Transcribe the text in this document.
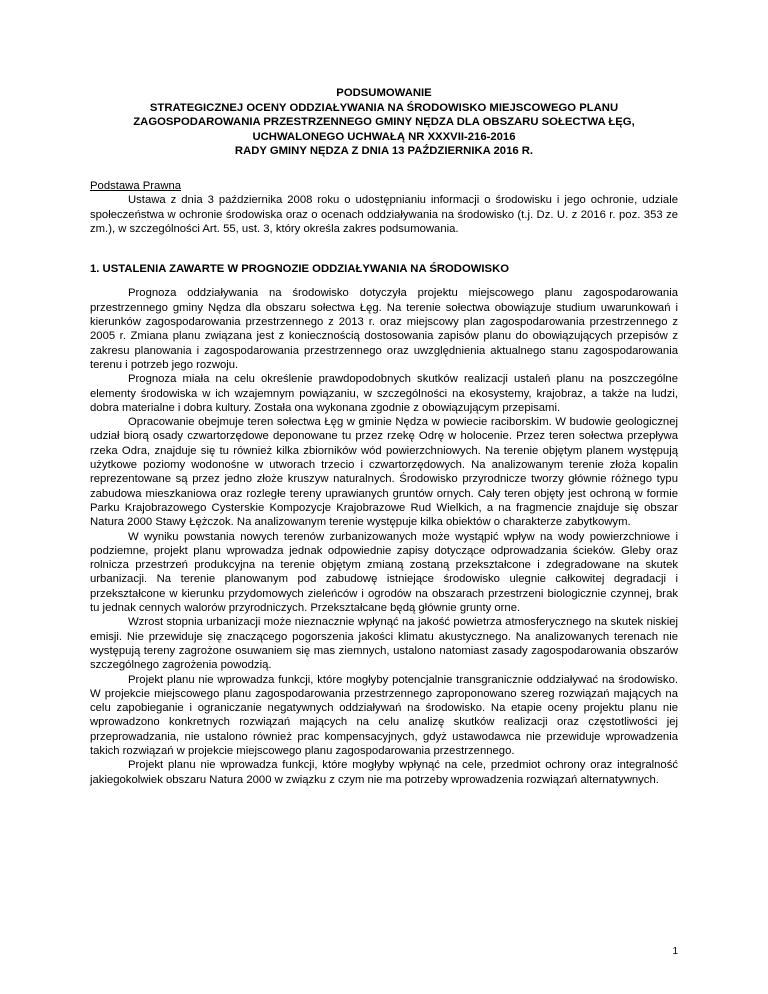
PODSUMOWANIE
STRATEGICZNEJ OCENY ODDZIAŁYWANIA NA ŚRODOWISKO MIEJSCOWEGO PLANU
ZAGOSPODAROWANIA PRZESTRZENNEGO GMINY NĘDZA DLA OBSZARU SOŁECTWA ŁĘG,
UCHWALONEGO UCHWAŁĄ NR XXXVII-216-2016
RADY GMINY NĘDZA Z DNIA 13 PAŹDZIERNIKA 2016 R.

Podstawa Prawna

Ustawa z dnia 3 października 2008 roku o udostępnianiu informacji o środowisku i jego ochronie, udziale społeczeństwa w ochronie środowiska oraz o ocenach oddziaływania na środowisko (t.j. Dz. U. z 2016 r. poz. 353 ze zm.), w szczególności Art. 55, ust. 3, który określa zakres podsumowania.

1. USTALENIA ZAWARTE W PROGNOZIE ODDZIAŁYWANIA NA ŚRODOWISKO

Prognoza oddziaływania na środowisko dotyczyła projektu miejscowego planu zagospodarowania przestrzennego gminy Nędza dla obszaru sołectwa Łęg. Na terenie sołectwa obowiązuje studium uwarunkowań i kierunków zagospodarowania przestrzennego z 2013 r. oraz miejscowy plan zagospodarowania przestrzennego z 2005 r. Zmiana planu związana jest z koniecznością dostosowania zapisów planu do obowiązujących przepisów z zakresu planowania i zagospodarowania przestrzennego oraz uwzględnienia aktualnego stanu zagospodarowania terenu i potrzeb jego rozwoju.

Prognoza miała na celu określenie prawdopodobnych skutków realizacji ustaleń planu na poszczególne elementy środowiska w ich wzajemnym powiązaniu, w szczególności na ekosystemy, krajobraz, a także na ludzi, dobra materialne i dobra kultury. Została ona wykonana zgodnie z obowiązującym przepisami.

Opracowanie obejmuje teren sołectwa Łęg w gminie Nędza w powiecie raciborskim. W budowie geologicznej udział biorą osady czwartorzędowe deponowane tu przez rzekę Odrę w holocenie. Przez teren sołectwa przepływa rzeka Odra, znajduje się tu również kilka zbiorników wód powierzchniowych. Na terenie objętym planem występują użytkowe poziomy wodonośne w utworach trzecio i czwartorzędowych. Na analizowanym terenie złoża kopalin reprezentowane są przez jedno złoże kruszyw naturalnych. Środowisko przyrodnicze tworzy głównie różnego typu zabudowa mieszkaniowa oraz rozległe tereny uprawianych gruntów ornych. Cały teren objęty jest ochroną w formie Parku Krajobrazowego Cysterskie Kompozycje Krajobrazowe Rud Wielkich, a na fragmencie znajduje się obszar Natura 2000 Stawy Łężczok. Na analizowanym terenie występuje kilka obiektów o charakterze zabytkowym.

W wyniku powstania nowych terenów zurbanizowanych może wystąpić wpływ na wody powierzchniowe i podziemne, projekt planu wprowadza jednak odpowiednie zapisy dotyczące odprowadzania ścieków. Gleby oraz rolnicza przestrzeń produkcyjna na terenie objętym zmianą zostaną przekształcone i zdegradowane na skutek urbanizacji. Na terenie planowanym pod zabudowę istniejące środowisko ulegnie całkowitej degradacji i przekształcone w kierunku przydomowych zieleńców i ogrodów na obszarach przestrzeni biologicznie czynnej, brak tu jednak cennych walorów przyrodniczych. Przekształcane będą głównie grunty orne.

Wzrost stopnia urbanizacji może nieznacznie wpłynąć na jakość powietrza atmosferycznego na skutek niskiej emisji. Nie przewiduje się znaczącego pogorszenia jakości klimatu akustycznego. Na analizowanych terenach nie występują tereny zagrożone osuwaniem się mas ziemnych, ustalono natomiast zasady zagospodarowania obszarów szczególnego zagrożenia powodzią.

Projekt planu nie wprowadza funkcji, które mogłyby potencjalnie transgranicznie oddziaływać na środowisko. W projekcie miejscowego planu zagospodarowania przestrzennego zaproponowano szereg rozwiązań mających na celu zapobieganie i ograniczanie negatywnych oddziaływań na środowisko. Na etapie oceny projektu planu nie wprowadzono konkretnych rozwiązań mających na celu analizę skutków realizacji oraz częstotliwości jej przeprowadzania, nie ustalono również prac kompensacyjnych, gdyż ustawodawca nie przewiduje wprowadzenia takich rozwiązań w projekcie miejscowego planu zagospodarowania przestrzennego.

Projekt planu nie wprowadza funkcji, które mogłyby wpłynąć na cele, przedmiot ochrony oraz integralność jakiegokolwiek obszaru Natura 2000 w związku z czym nie ma potrzeby wprowadzenia rozwiązań alternatywnych.

1
